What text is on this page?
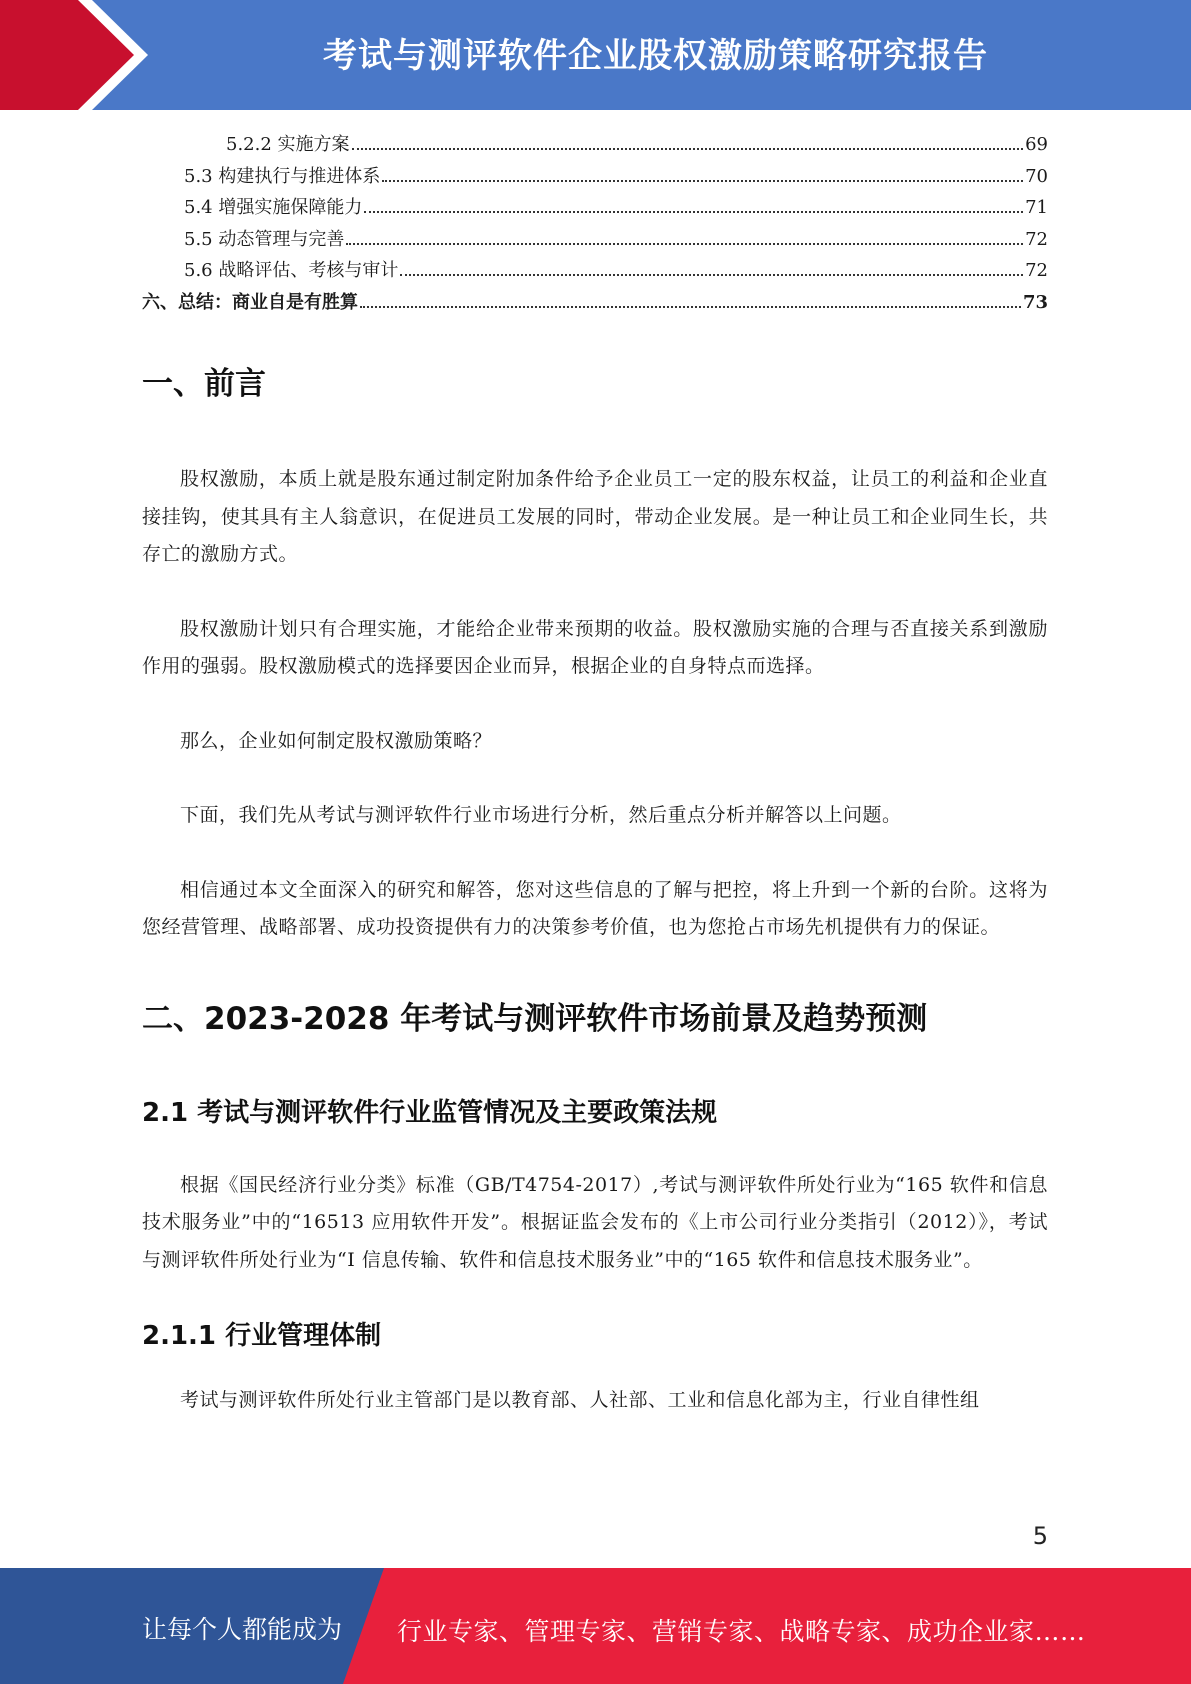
考试与测评软件企业股权激励策略研究报告
5.2.2 实施方案	69
5.3 构建执行与推进体系	70
5.4 增强实施保障能力	71
5.5 动态管理与完善	72
5.6 战略评估、考核与审计	72
六、总结：商业自是有胜算	73
一、前言

股权激励，本质上就是股东通过制定附加条件给予企业员工一定的股东权益，让员工的利益和企业直接挂钩，使其具有主人翁意识，在促进员工发展的同时，带动企业发展。是一种让员工和企业同生长，共存亡的激励方式。

股权激励计划只有合理实施，才能给企业带来预期的收益。股权激励实施的合理与否直接关系到激励作用的强弱。股权激励模式的选择要因企业而异，根据企业的自身特点而选择。

那么，企业如何制定股权激励策略？

下面，我们先从考试与测评软件行业市场进行分析，然后重点分析并解答以上问题。

相信通过本文全面深入的研究和解答，您对这些信息的了解与把控，将上升到一个新的台阶。这将为您经营管理、战略部署、成功投资提供有力的决策参考价值，也为您抢占市场先机提供有力的保证。

二、2023-2028 年考试与测评软件市场前景及趋势预测
2.1 考试与测评软件行业监管情况及主要政策法规

根据《国民经济行业分类》标准（GB/T4754-2017）,考试与测评软件所处行业为“165 软件和信息技术服务业”中的“16513 应用软件开发”。根据证监会发布的《上市公司行业分类指引（2012）》，考试与测评软件所处行业为“I 信息传输、软件和信息技术服务业”中的“165 软件和信息技术服务业”。

2.1.1 行业管理体制

考试与测评软件所处行业主管部门是以教育部、人社部、工业和信息化部为主，行业自律性组

5
让每个人都能成为 行业专家、管理专家、营销专家、战略专家、成功企业家……
